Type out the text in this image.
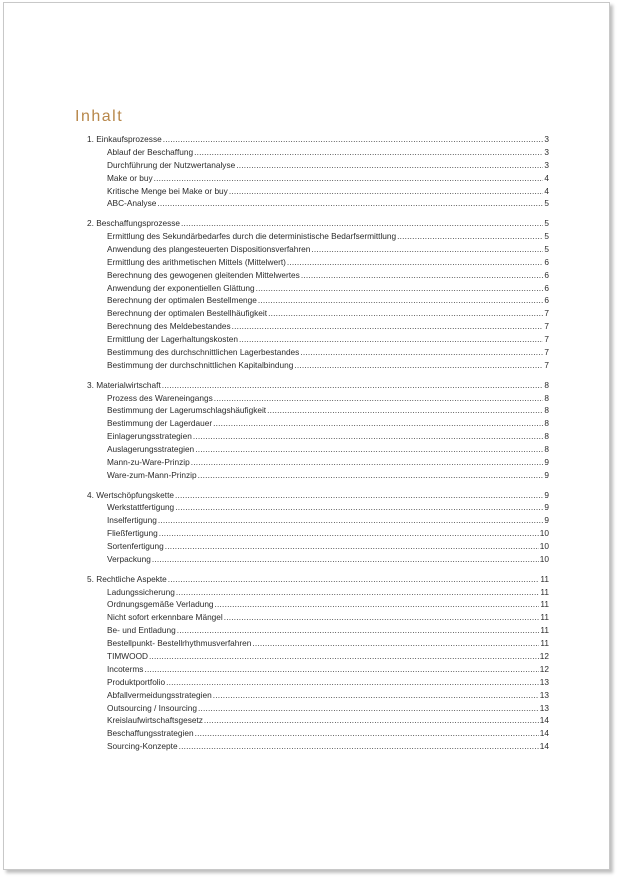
Inhalt
1. Einkaufsprozesse .....	3
Ablauf der Beschaffung .....	3
Durchführung der Nutzwertanalyse .....	3
Make or buy .....	4
Kritische Menge bei Make or buy .....	4
ABC-Analyse .....	5
2. Beschaffungsprozesse .....	5
Ermittlung des Sekundärbedarfes durch die deterministische Bedarfsermittlung .....	5
Anwendung des plangesteuerten Dispositionsverfahren .....	5
Ermittlung des arithmetischen Mittels (Mittelwert) .....	6
Berechnung des gewogenen gleitenden Mittelwertes .....	6
Anwendung der exponentiellen Glättung .....	6
Berechnung der optimalen Bestellmenge .....	6
Berechnung der optimalen Bestellhäufigkeit .....	7
Berechnung des Meldebestandes .....	7
Ermittlung der Lagerhaltungskosten .....	7
Bestimmung des durchschnittlichen Lagerbestandes .....	7
Bestimmung der durchschnittlichen Kapitalbindung .....	7
3. Materialwirtschaft .....	8
Prozess des Wareneingangs .....	8
Bestimmung der Lagerumschlagshäufigkeit .....	8
Bestimmung der Lagerdauer .....	8
Einlagerungsstrategien .....	8
Auslagerungsstrategien .....	8
Mann-zu-Ware-Prinzip .....	9
Ware-zum-Mann-Prinzip .....	9
4. Wertschöpfungskette .....	9
Werkstattfertigung .....	9
Inselfertigung .....	9
Fließfertigung .....	10
Sortenfertigung .....	10
Verpackung .....	10
5. Rechtliche Aspekte .....	11
Ladungssicherung .....	11
Ordnungsgemäße Verladung .....	11
Nicht sofort erkennbare Mängel .....	11
Be- und Entladung .....	11
Bestellpunkt- Bestellrhythmusverfahren .....	11
TIMWOOD .....	12
Incoterms .....	12
Produktportfolio .....	13
Abfallvermeidungsstrategien .....	13
Outsourcing / Insourcing .....	13
Kreislaufwirtschaftsgesetz .....	14
Beschaffungsstrategien .....	14
Sourcing-Konzepte .....	14
